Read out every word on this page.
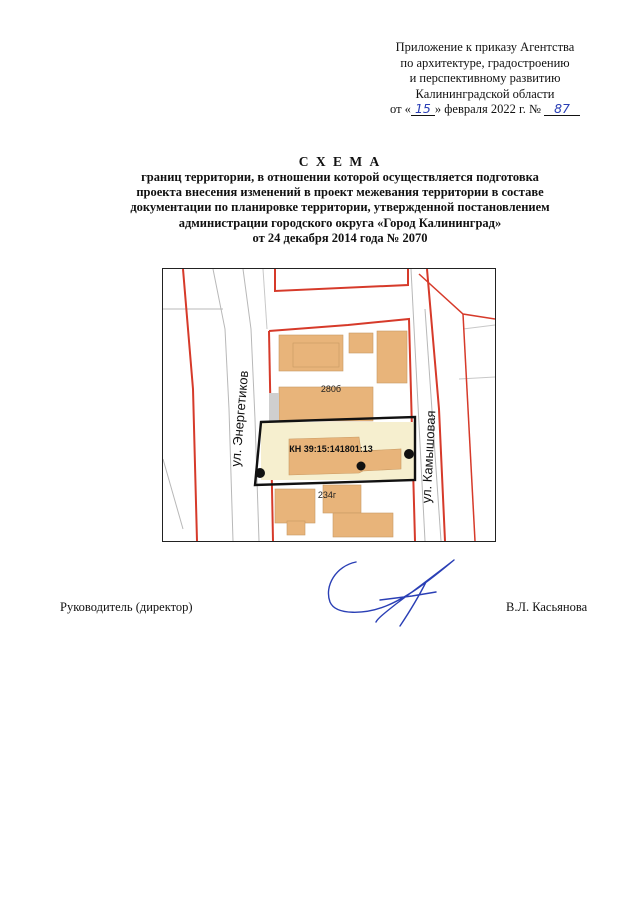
Приложение к приказу Агентства
по архитектуре, градостроению
и перспективному развитию
Калининградской области
от « 15 » февраля 2022 г. № 87
С Х Е М А
границ территории, в отношении которой осуществляется подготовка
проекта внесения изменений в проект межевания территории в составе
документации по планировке территории, утвержденной постановлением
администрации городского округа «Город Калининград»
от 24 декабря 2014 года № 2070
ул. Энергетиков	ул. Камышовая
280б
234г
КН 39:15:141801:13
Руководитель (директор)	В.Л. Касьянова
